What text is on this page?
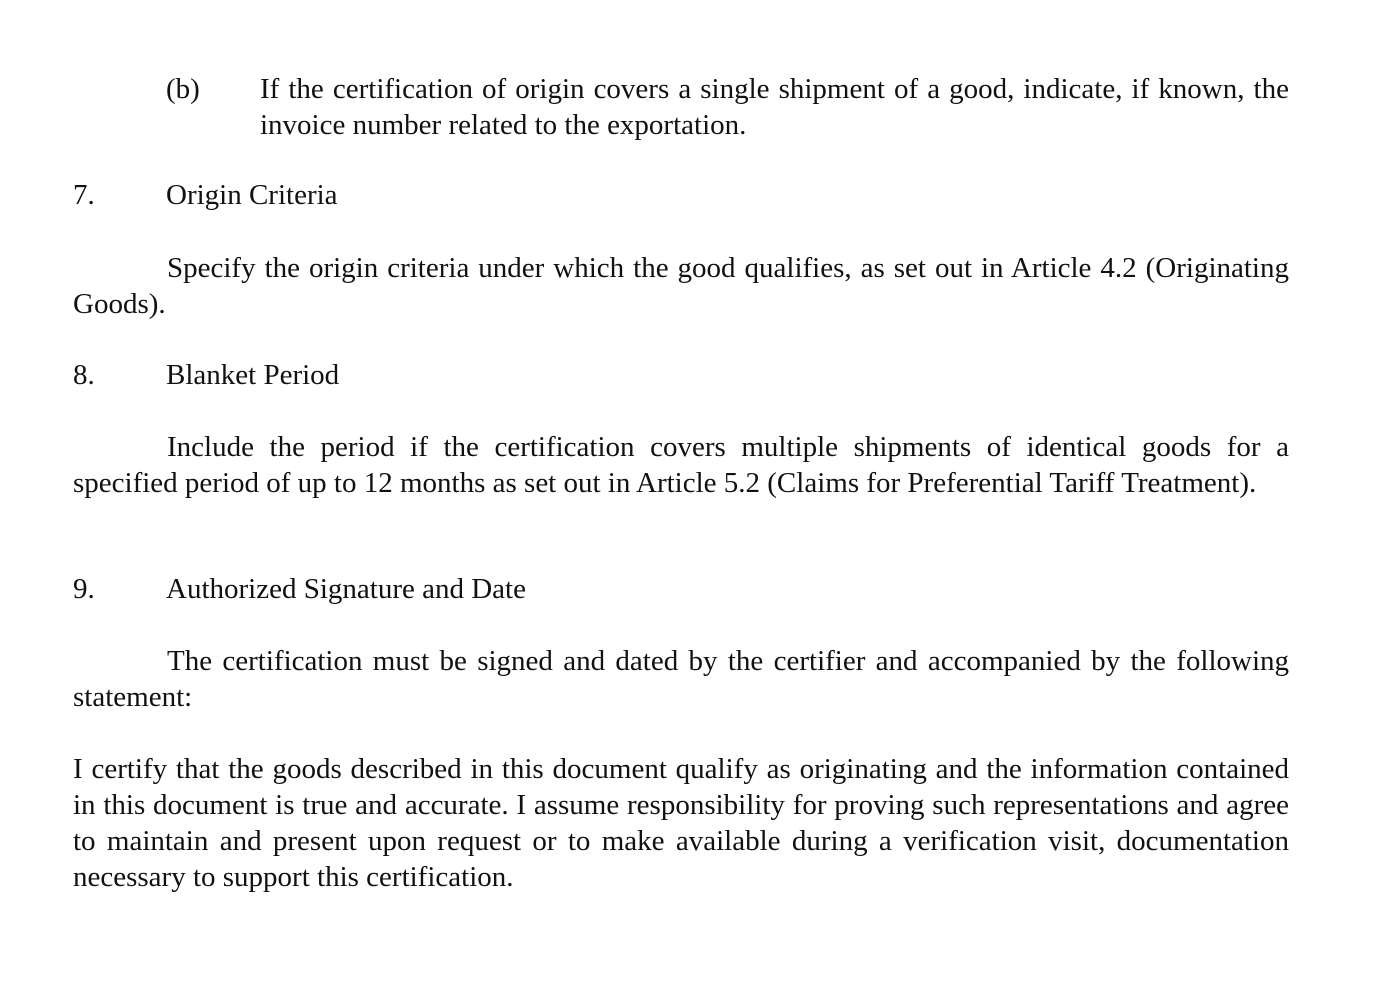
(b) If the certification of origin covers a single shipment of a good, indicate, if known, the invoice number related to the exportation.
7. Origin Criteria
Specify the origin criteria under which the good qualifies, as set out in Article 4.2 (Originating Goods).
8. Blanket Period
Include the period if the certification covers multiple shipments of identical goods for a specified period of up to 12 months as set out in Article 5.2 (Claims for Preferential Tariff Treatment).
9. Authorized Signature and Date
The certification must be signed and dated by the certifier and accompanied by the following statement:
I certify that the goods described in this document qualify as originating and the information contained in this document is true and accurate. I assume responsibility for proving such representations and agree to maintain and present upon request or to make available during a verification visit, documentation necessary to support this certification.
